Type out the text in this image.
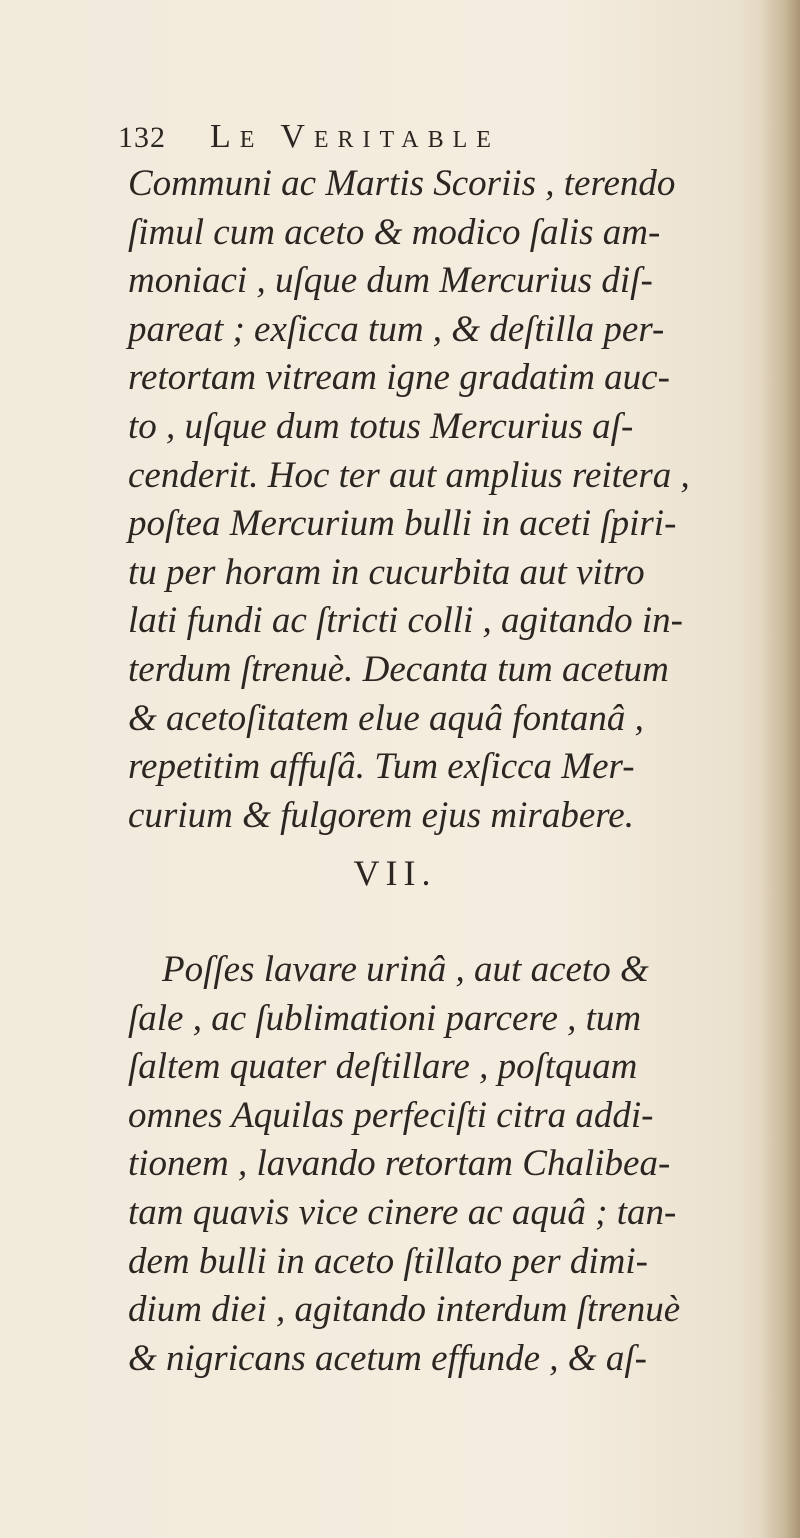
132 Le Veritable
Communi ac Martis Scoriis , terendo
ſimul cum aceto & modico ſalis am-
moniaci , uſque dum Mercurius diſ-
pareat ; exſicca tum , & deſtilla per-
retortam vitream igne gradatim auc-
to , uſque dum totus Mercurius aſ-
cenderit. Hoc ter aut amplius reitera ,
poſtea Mercurium bulli in aceti ſpiri-
tu per horam in cucurbita aut vitro
lati fundi ac ſtricti colli , agitando in-
terdum ſtrenuè. Decanta tum acetum
& acetoſitatem elue aquâ fontanâ ,
repetitim affuſâ. Tum exſicca Mer-
curium & fulgorem ejus mirabere.
VII.
Poſſes lavare urinâ , aut aceto &
ſale , ac ſublimationi parcere , tum
ſaltem quater deſtillare , poſtquam
omnes Aquilas perfeciſti citra addi-
tionem , lavando retortam Chalibea-
tam quavis vice cinere ac aquâ ; tan-
dem bulli in aceto ſtillato per dimi-
dium diei , agitando interdum ſtrenuè
& nigricans acetum effunde , & aſ-
